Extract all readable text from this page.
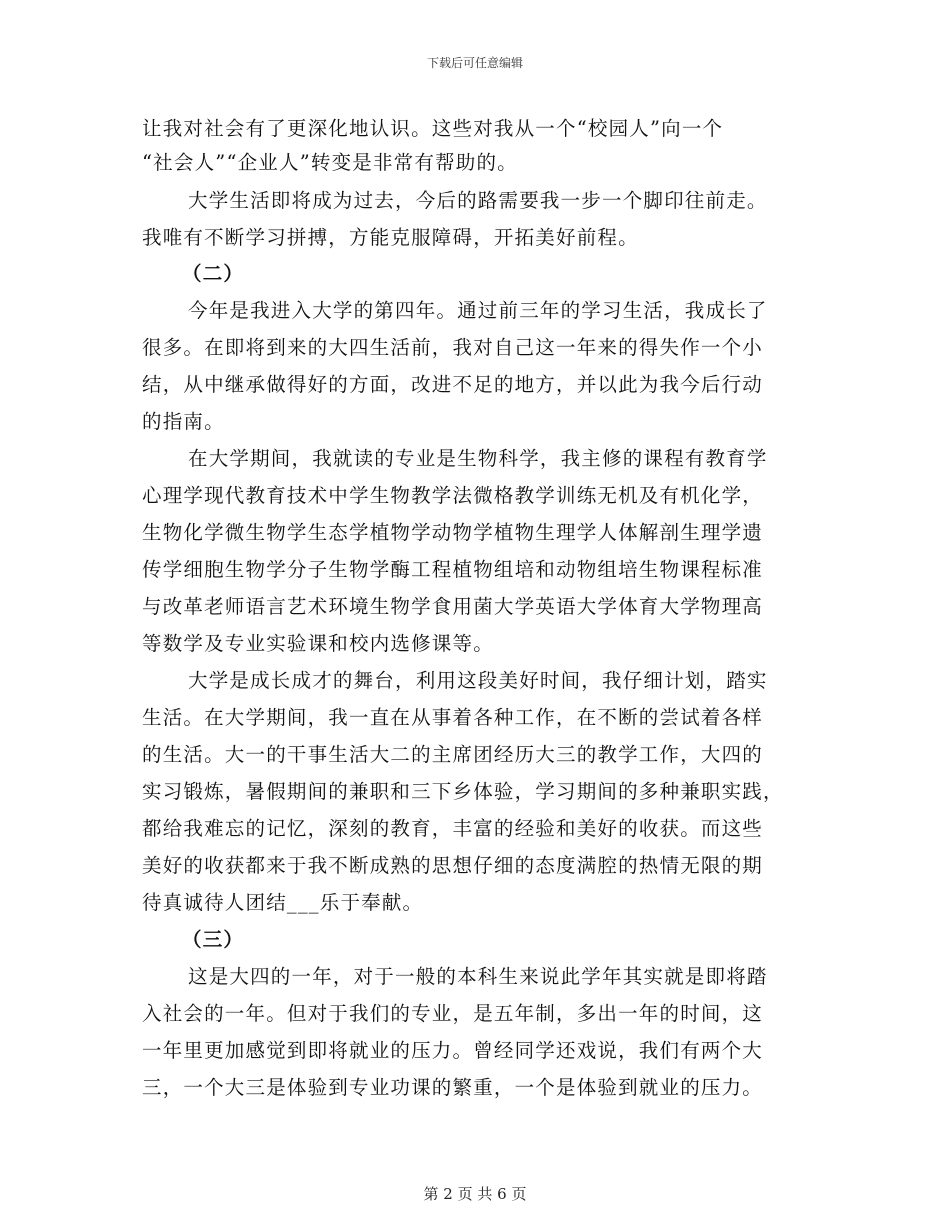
下载后可任意编辑
让我对社会有了更深化地认识。这些对我从一个“校园人”向一个
“社会人”“企业人”转变是非常有帮助的。
大学生活即将成为过去，今后的路需要我一步一个脚印往前走。
我唯有不断学习拼搏，方能克服障碍，开拓美好前程。
（二）
今年是我进入大学的第四年。通过前三年的学习生活，我成长了
很多。在即将到来的大四生活前，我对自己这一年来的得失作一个小
结，从中继承做得好的方面，改进不足的地方，并以此为我今后行动
的指南。
在大学期间，我就读的专业是生物科学，我主修的课程有教育学
心理学现代教育技术中学生物教学法微格教学训练无机及有机化学，
生物化学微生物学生态学植物学动物学植物生理学人体解剖生理学遗
传学细胞生物学分子生物学酶工程植物组培和动物组培生物课程标准
与改革老师语言艺术环境生物学食用菌大学英语大学体育大学物理高
等数学及专业实验课和校内选修课等。
大学是成长成才的舞台，利用这段美好时间，我仔细计划，踏实
生活。在大学期间，我一直在从事着各种工作，在不断的尝试着各样
的生活。大一的干事生活大二的主席团经历大三的教学工作，大四的
实习锻炼，暑假期间的兼职和三下乡体验，学习期间的多种兼职实践，
都给我难忘的记忆，深刻的教育，丰富的经验和美好的收获。而这些
美好的收获都来于我不断成熟的思想仔细的态度满腔的热情无限的期
待真诚待人团结___乐于奉献。
（三）
这是大四的一年，对于一般的本科生来说此学年其实就是即将踏
入社会的一年。但对于我们的专业，是五年制，多出一年的时间，这
一年里更加感觉到即将就业的压力。曾经同学还戏说，我们有两个大
三，一个大三是体验到专业功课的繁重，一个是体验到就业的压力。
第 2 页 共 6 页
